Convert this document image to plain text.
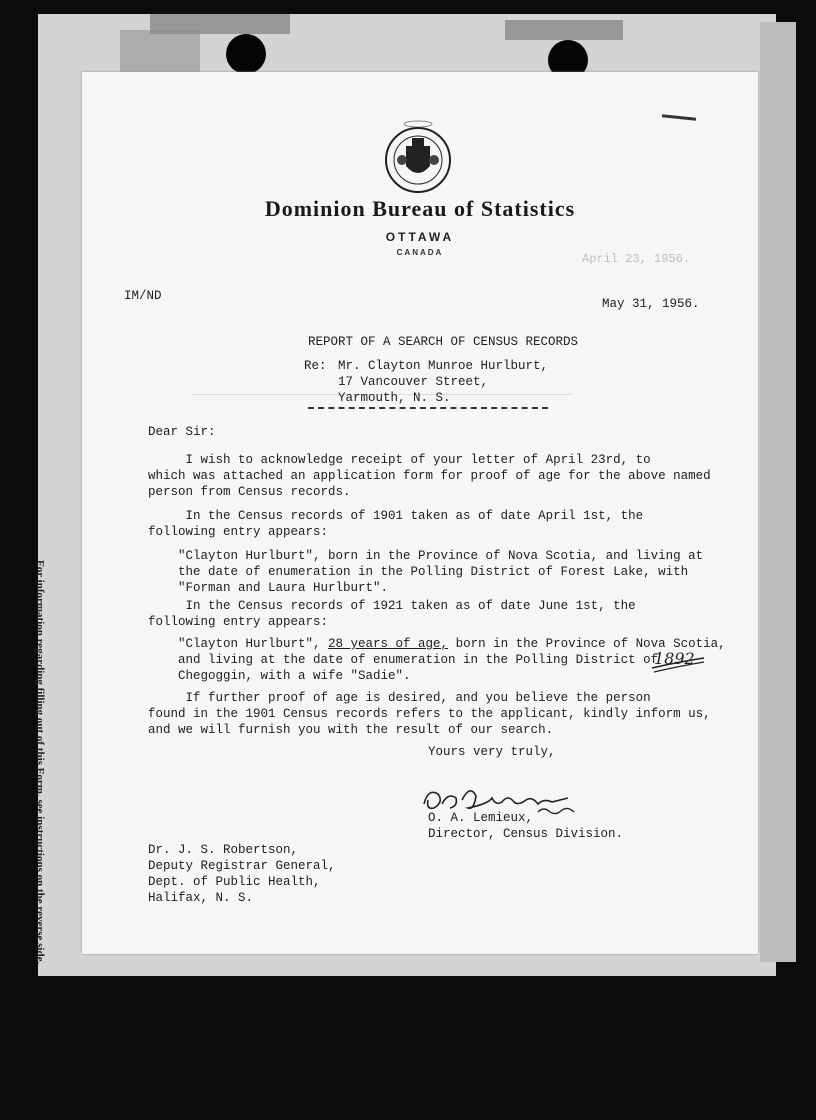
For information regarding filling out of this Form, see instructions on the reverse side.
Dominion Bureau of Statistics
OTTAWA
CANADA	April 23, 1956.
IM/ND
May 31, 1956.
REPORT OF A SEARCH OF CENSUS RECORDS
Re: Mr. Clayton Munroe Hurlburt,
17 Vancouver Street,
Yarmouth, N. S.
Dear Sir:
I wish to acknowledge receipt of your letter of April 23rd, to
which was attached an application form for proof of age for the above named
person from Census records.
In the Census records of 1901 taken as of date April 1st, the
following entry appears:
"Clayton Hurlburt", born in the Province of Nova Scotia, and living at
the date of enumeration in the Polling District of Forest Lake, with
"Forman and Laura Hurlburt".
In the Census records of 1921 taken as of date June 1st, the
following entry appears:
"Clayton Hurlburt", 28 years of age, born in the Province of Nova Scotia,
and living at the date of enumeration in the Polling District of
Chegoggin, with a wife "Sadie".
1892
If further proof of age is desired, and you believe the person
found in the 1901 Census records refers to the applicant, kindly inform us,
and we will furnish you with the result of our search.
Yours very truly,
O. A. Lemieux,
Director, Census Division.
Dr. J. S. Robertson,
Deputy Registrar General,
Dept. of Public Health,
Halifax, N. S.
